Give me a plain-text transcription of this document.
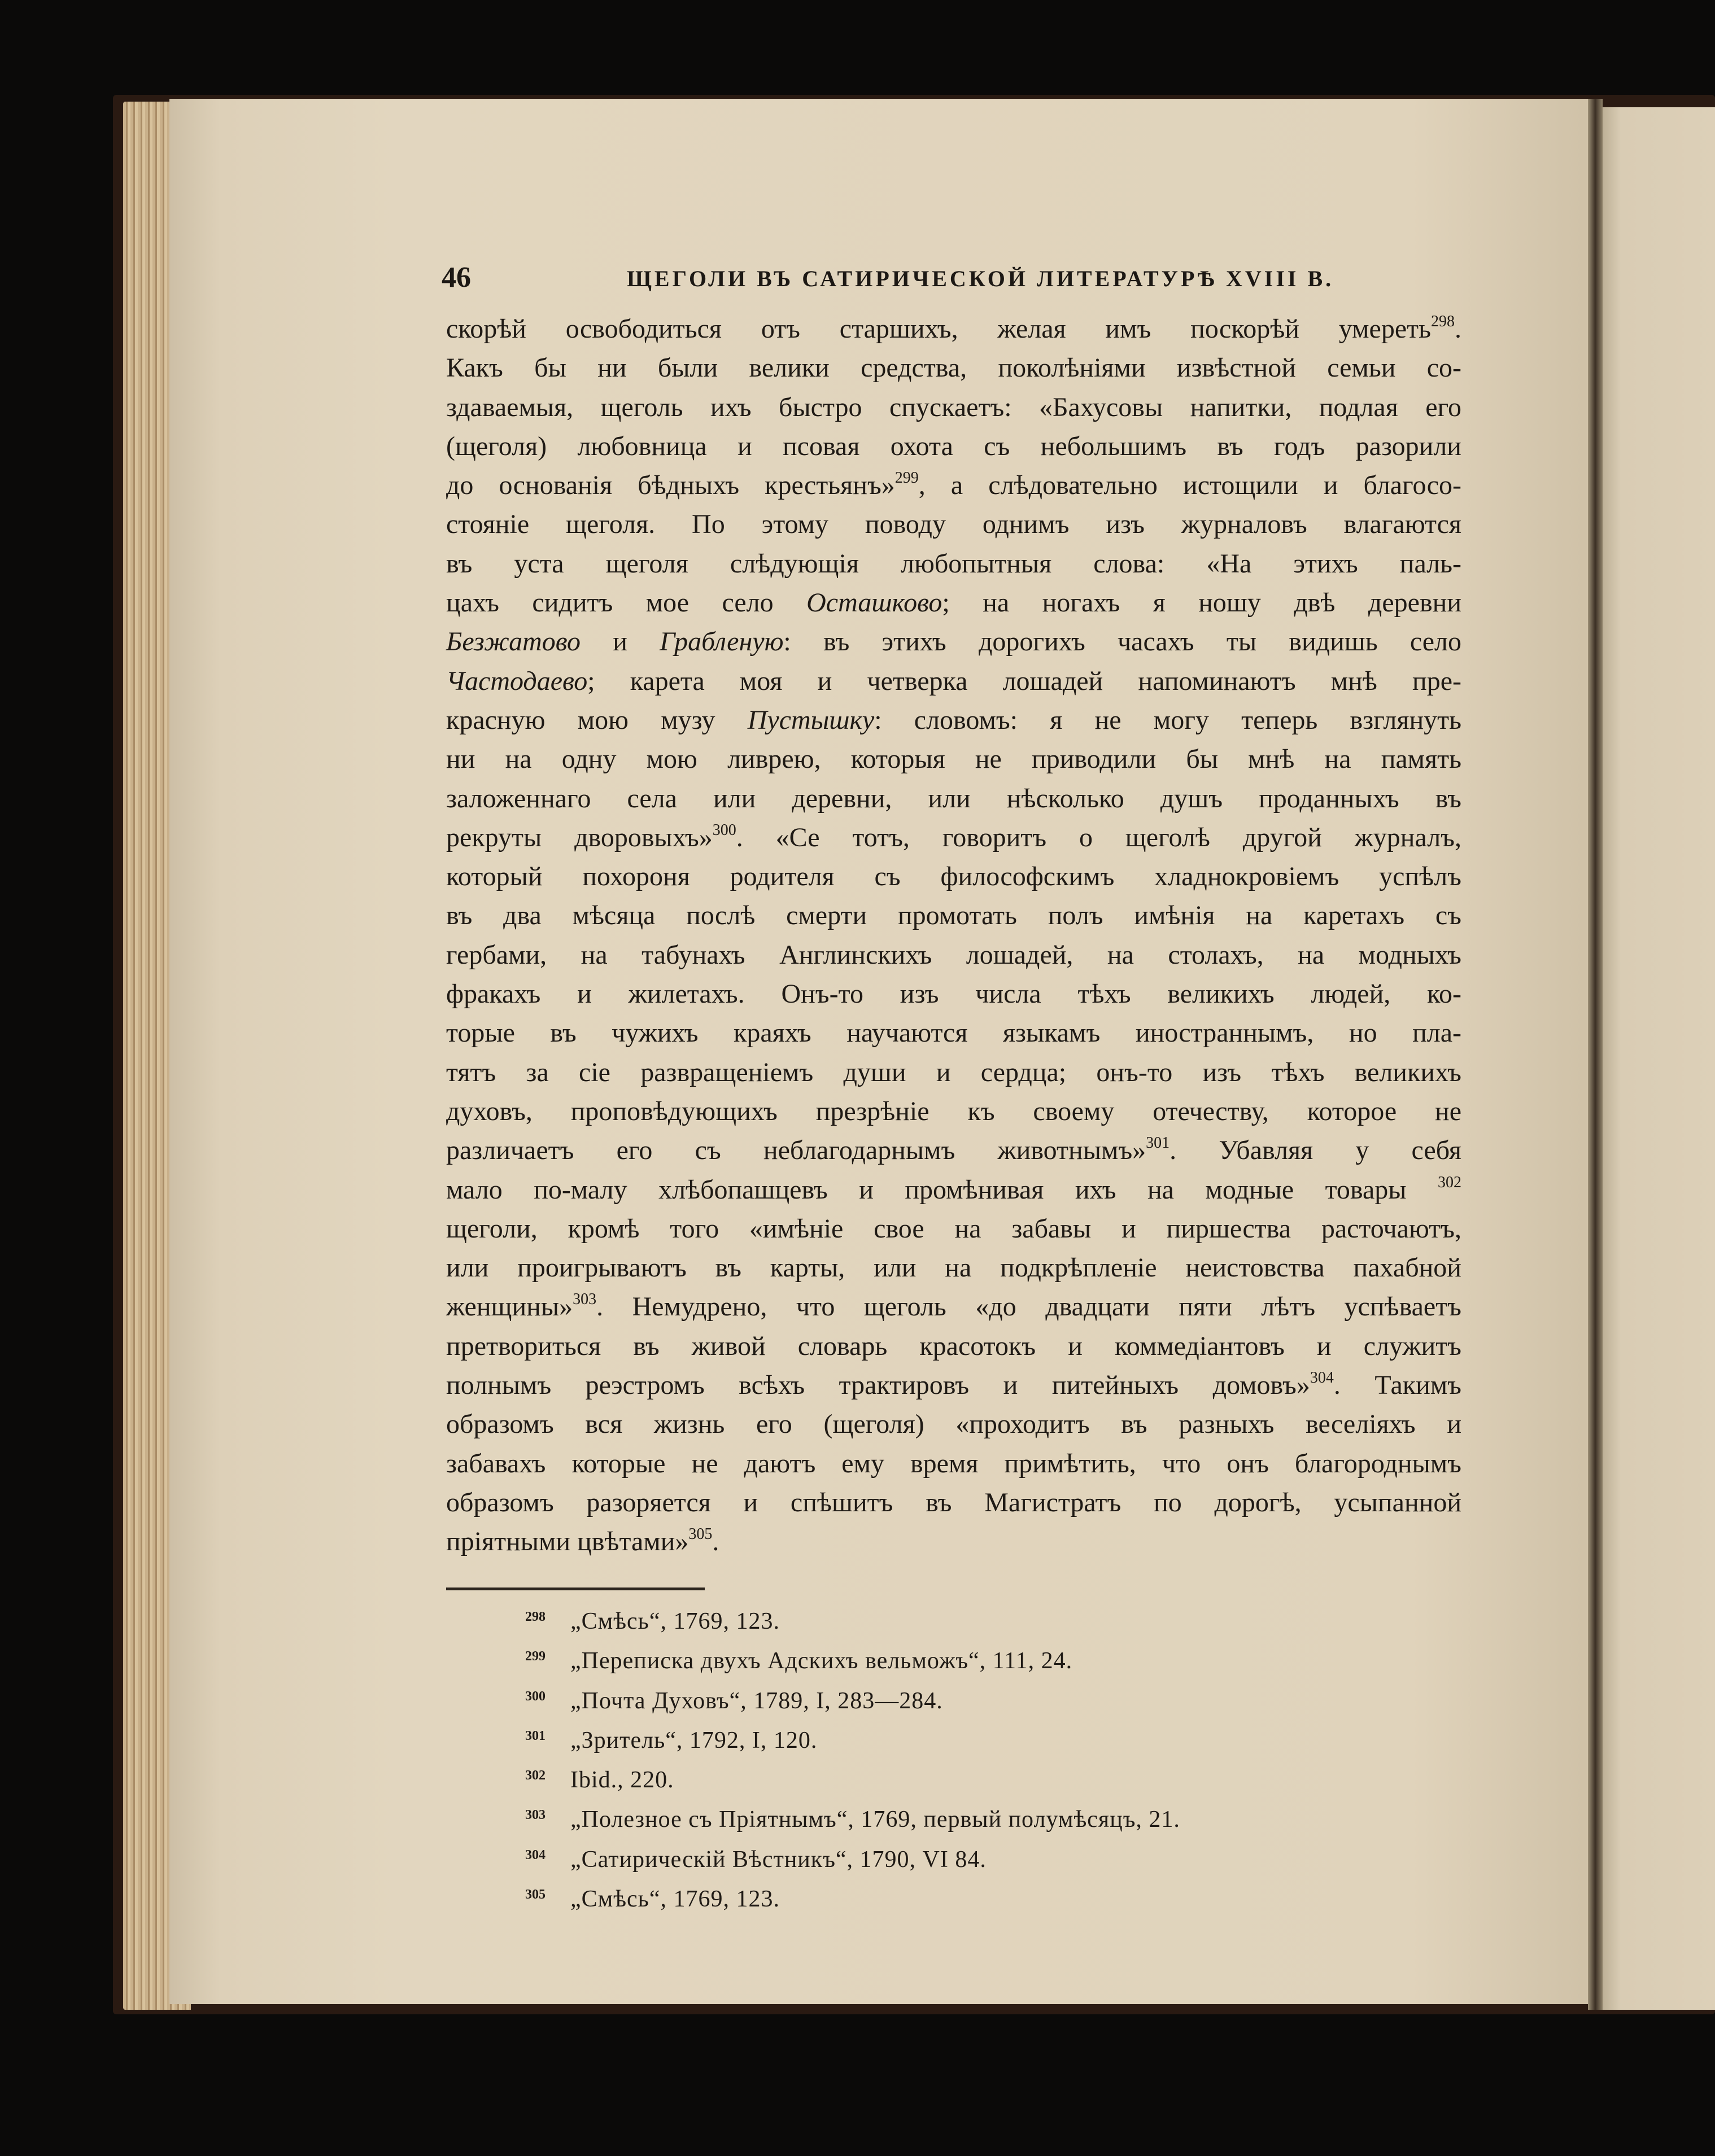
46	ЩЕГОЛИ ВЪ САТИРИЧЕСКОЙ ЛИТЕРАТУРѢ XVIII В.
скорѣй освободиться отъ старшихъ, желая имъ поскорѣй умереть$^{298}$.
Какъ бы ни были велики средства, поколѣніями извѣстной семьи со-
здаваемыя, щеголь ихъ быстро спускаетъ: «Бахусовы напитки, подлая его
(щеголя) любовница и псовая охота съ небольшимъ въ годъ разорили
до основанія бѣдныхъ крестьянъ»$^{299}$, а слѣдовательно истощили и благосо-
стояніе щеголя. По этому поводу однимъ изъ журналовъ влагаются
въ уста щеголя слѣдующія любопытныя слова: «На этихъ паль-
цахъ сидитъ мое село Осташково; на ногахъ я ношу двѣ деревни
Безжатово и Грабленую: въ этихъ дорогихъ часахъ ты видишь село
Частодаево; карета моя и четверка лошадей напоминаютъ мнѣ пре-
красную мою музу Пустышку: словомъ: я не могу теперь взглянуть
ни на одну мою ливрею, которыя не приводили бы мнѣ на память
заложеннаго села или деревни, или нѣсколько душъ проданныхъ въ
рекруты дворовыхъ»$^{300}$. «Се тотъ, говоритъ о щеголѣ другой журналъ,
который похороня родителя съ философскимъ хладнокровіемъ успѣлъ
въ два мѣсяца послѣ смерти промотать полъ имѣнія на каретахъ съ
гербами, на табунахъ Англинскихъ лошадей, на столахъ, на модныхъ
фракахъ и жилетахъ. Онъ-то изъ числа тѣхъ великихъ людей, ко-
торые въ чужихъ краяхъ научаются языкамъ иностраннымъ, но пла-
тятъ за сіе развращеніемъ души и сердца; онъ-то изъ тѣхъ великихъ
духовъ, проповѣдующихъ презрѣніе къ своему отечеству, которое не
различаетъ его съ неблагодарнымъ животнымъ»$^{301}$. Убавляя у себя
мало по-малу хлѣбопашцевъ и промѣнивая ихъ на модные товары $^{302}$
щеголи, кромѣ того «имѣніе свое на забавы и пиршества расточаютъ,
или проигрываютъ въ карты, или на подкрѣпленіе неистовства пахабной
женщины»$^{303}$. Немудрено, что щеголь «до двадцати пяти лѣтъ успѣваетъ
претвориться въ живой словарь красотокъ и коммедіантовъ и служитъ
полнымъ реэстромъ всѣхъ трактировъ и питейныхъ домовъ»$^{304}$. Такимъ
образомъ вся жизнь его (щеголя) «проходитъ въ разныхъ веселіяхъ и
забавахъ которые не даютъ ему время примѣтить, что онъ благороднымъ
образомъ разоряется и спѣшитъ въ Магистратъ по дорогѣ, усыпанной
пріятными цвѣтами»$^{305}$.
298	„Смѣсь“, 1769, 123.
299	„Переписка двухъ Адскихъ вельможъ“, 111, 24.
300	„Почта Духовъ“, 1789, I, 283—284.
301	„Зритель“, 1792, I, 120.
302	Ibid., 220.
303	„Полезное съ Пріятнымъ“, 1769, первый полумѣсяцъ, 21.
304	„Сатирическій Вѣстникъ“, 1790, VI 84.
305	„Смѣсь“, 1769, 123.
